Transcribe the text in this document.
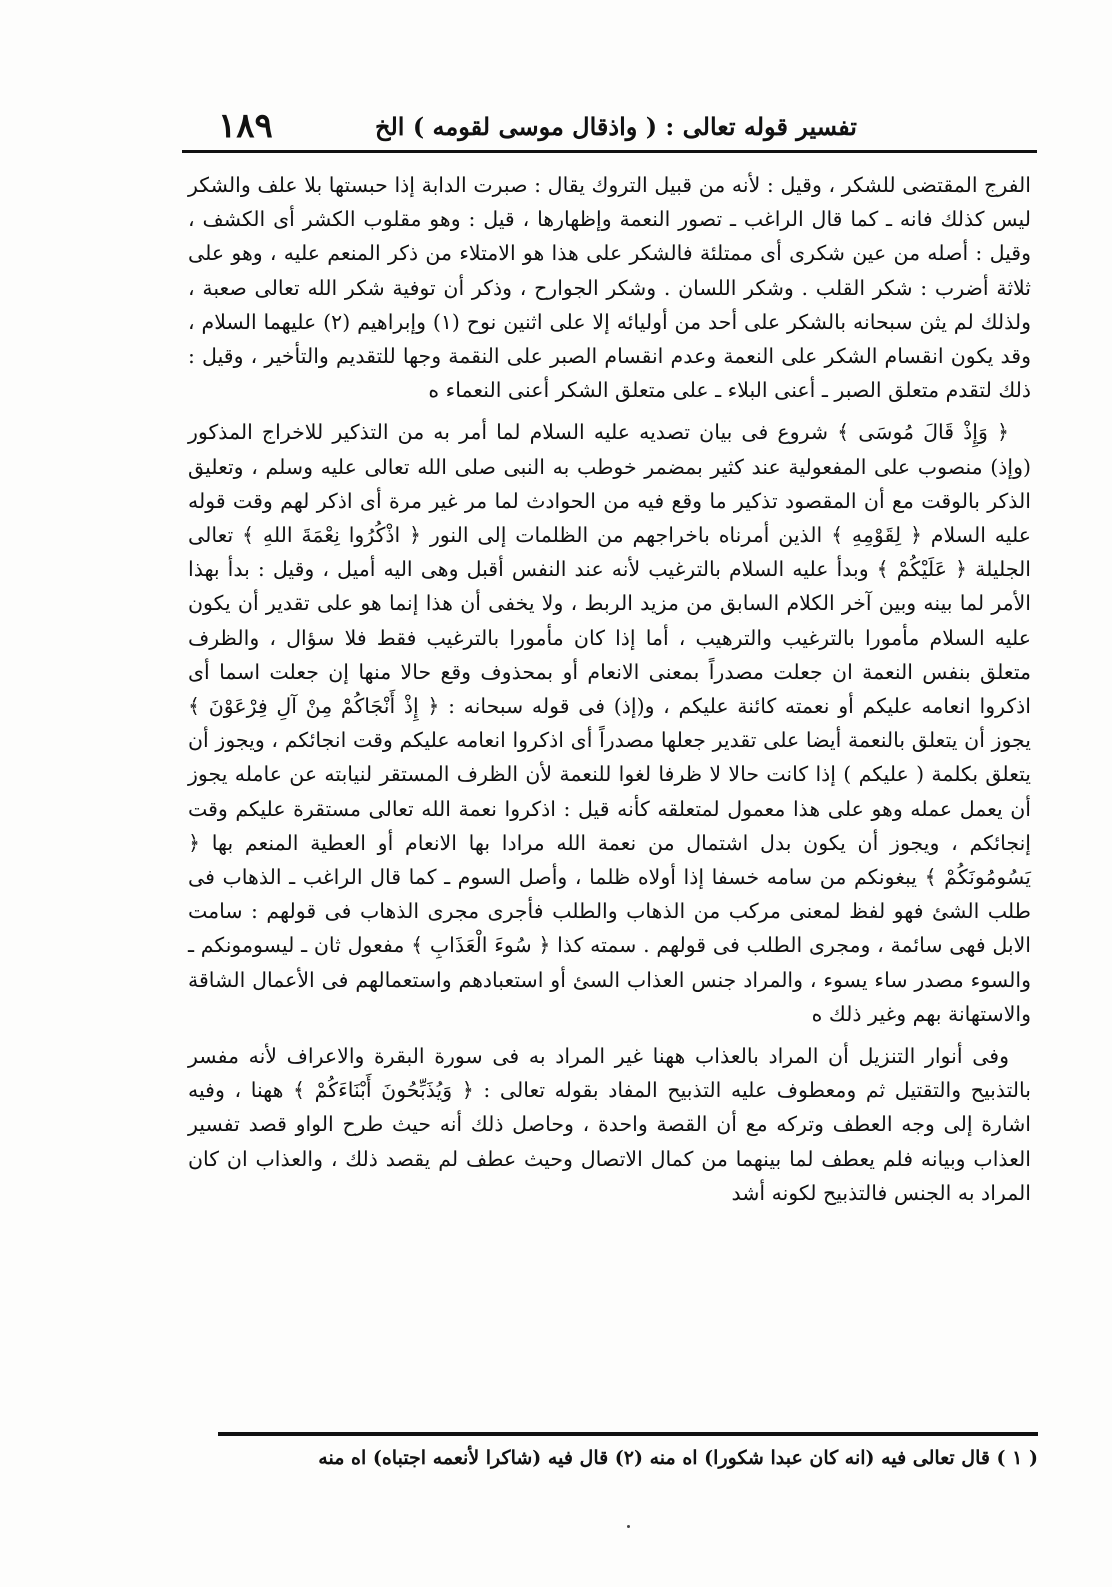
١٨٩	تفسير قوله تعالى : ( واذقال موسى لقومه ) الخ

الفرج المقتضى للشكر ، وقيل : لأنه من قبيل التروك يقال : صبرت الدابة إذا حبستها بلا علف والشكر ليس كذلك فانه ـ كما قال الراغب ـ تصور النعمة وإظهارها ، قيل : وهو مقلوب الكشر أى الكشف ، وقيل : أصله من عين شكرى أى ممتلئة فالشكر على هذا هو الامتلاء من ذكر المنعم عليه ، وهو على ثلاثة أضرب : شكر القلب . وشكر اللسان . وشكر الجوارح ، وذكر أن توفية شكر الله تعالى صعبة ، ولذلك لم يثن سبحانه بالشكر على أحد من أوليائه إلا على اثنين نوح (١) وإبراهيم (٢) عليهما السلام ، وقد يكون انقسام الشكر على النعمة وعدم انقسام الصبر على النقمة وجها للتقديم والتأخير ، وقيل : ذلك لتقدم متعلق الصبر ـ أعنى البلاء ـ على متعلق الشكر أعنى النعماء ه

﴿ وَإِذْ قَالَ مُوسَى ﴾ شروع فى بيان تصديه عليه السلام لما أمر به من التذكير للاخراج المذكور (وإذ) منصوب على المفعولية عند كثير بمضمر خوطب به النبى صلى الله تعالى عليه وسلم ، وتعليق الذكر بالوقت مع أن المقصود تذكير ما وقع فيه من الحوادث لما مر غير مرة أى اذكر لهم وقت قوله عليه السلام ﴿ لِقَوْمِهِ ﴾ الذين أمرناه باخراجهم من الظلمات إلى النور ﴿ اذْكُرُوا نِعْمَةَ اللهِ ﴾ تعالى الجليلة ﴿ عَلَيْكُمْ ﴾ وبدأ عليه السلام بالترغيب لأنه عند النفس أقبل وهى اليه أميل ، وقيل : بدأ بهذا الأمر لما بينه وبين آخر الكلام السابق من مزيد الربط ، ولا يخفى أن هذا إنما هو على تقدير أن يكون عليه السلام مأمورا بالترغيب والترهيب ، أما إذا كان مأمورا بالترغيب فقط فلا سؤال ، والظرف متعلق بنفس النعمة ان جعلت مصدراً بمعنى الانعام أو بمحذوف وقع حالا منها إن جعلت اسما أى اذكروا انعامه عليكم أو نعمته كائنة عليكم ، و(إذ) فى قوله سبحانه : ﴿ إِذْ أَنْجَاكُمْ مِنْ آلِ فِرْعَوْنَ ﴾ يجوز أن يتعلق بالنعمة أيضا على تقدير جعلها مصدراً أى اذكروا انعامه عليكم وقت انجائكم ، ويجوز أن يتعلق بكلمة ( عليكم ) إذا كانت حالا لا ظرفا لغوا للنعمة لأن الظرف المستقر لنيابته عن عامله يجوز أن يعمل عمله وهو على هذا معمول لمتعلقه كأنه قيل : اذكروا نعمة الله تعالى مستقرة عليكم وقت إنجائكم ، ويجوز أن يكون بدل اشتمال من نعمة الله مرادا بها الانعام أو العطية المنعم بها ﴿ يَسُومُونَكُمْ ﴾ يبغونكم من سامه خسفا إذا أولاه ظلما ، وأصل السوم ـ كما قال الراغب ـ الذهاب فى طلب الشئ فهو لفظ لمعنى مركب من الذهاب والطلب فأجرى مجرى الذهاب فى قولهم : سامت الابل فهى سائمة ، ومجرى الطلب فى قولهم . سمته كذا ﴿ سُوءَ الْعَذَابِ ﴾ مفعول ثان ـ ليسومونكم ـ والسوء مصدر ساء يسوء ، والمراد جنس العذاب السئ أو استعبادهم واستعمالهم فى الأعمال الشاقة والاستهانة بهم وغير ذلك ه

وفى أنوار التنزيل أن المراد بالعذاب ههنا غير المراد به فى سورة البقرة والاعراف لأنه مفسر بالتذبيح والتقتيل ثم ومعطوف عليه التذبيح المفاد بقوله تعالى : ﴿ وَيُذَبِّحُونَ أَبْنَاءَكُمْ ﴾ ههنا ، وفيه اشارة إلى وجه العطف وتركه مع أن القصة واحدة ، وحاصل ذلك أنه حيث طرح الواو قصد تفسير العذاب وبيانه فلم يعطف لما بينهما من كمال الاتصال وحيث عطف لم يقصد ذلك ، والعذاب ان كان المراد به الجنس فالتذبيح لكونه أشد

( ١ ) قال تعالى فيه (انه كان عبدا شكورا) اه منه (٢) قال فيه (شاكرا لأنعمه اجتباه) اه منه
